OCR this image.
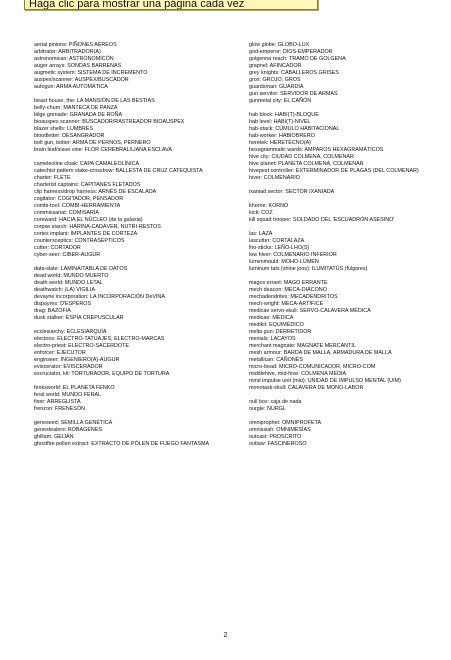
Haga clic para mostrar una página cada vez
aerial pinions: PIÑONES AÉREOS
arbitrator: ARBITRADOR(A)
astronomican: ASTRONOMICÓN
auger arrays: SONDAS BARRENAS
augmetic system: SISTEMA DE INCREMENTO
auspex/scanner: AUSPEX/BUSCADOR
autogun: ARMA AUTOMÁTICA
beast house, the: LA MANSIÓN DE LAS BESTIAS
belly-churn: MANTECA DE PANZA
bilge grenade: GRANADA DE ROÑA
bioauspex scanner: BUSCADOR/RASTREADOR BIOAUSPEX
blazer shells: LUMBRES
bloodletter: DESANGRADOR
bolt gun, bolter: ARMA DE PERNOS, PERNERO
brain leaf/slave vine: FLOR CEREBRAL/LIANA ESCLAVA
cameleoline cloak: CAPA CAMALEOLÍNICA
catechist pattern stake-crossbow: BALLESTA DE CRUZ CATEQUISTA
charter: FLETE
charterist captains: CAPITANES FLETADOS
clip harness/drop harness: ARNÉS DE ESCALADA
cogitator: COGITADOR, PENSADOR
combi-tool: COMBI-HERRAMIENTA
commissariat: COMISARÍA
coreward: HACIA EL NÚCLEO (de la galaxia)
corpse starch: HARINA-CADÁVER, NUTRI-RESTOS
cortex implant: IMPLANTES DE CORTEZA
countersceptics: CONTRASÉPTICOS
cutter: CORTADOR
cyber-seer: CIBER-AUGUR
data-slate: LÁMINA/TABLA DE DATOS
dead world: MUNDO MUERTO
death world: MUNDO LETAL
deathwatch: (LA) VIGILIA
devayne incorporation: LA INCORPORACIÓN DeVINA
dispayres: D'ESPEROS
drag: BAZOFIA
dusk stalker: ESPÍA CREPUSCULAR
ecclesiarchy: ECLESIARQUÍA
electoos: ELECTRO-TATUAJES, ELECTRO-MARCAS
electro-priest: ELECTRO-SACERDOTE
enforcer: EJECUTOR
enginseer: INGENIERO(A)-AUGUR
eviscerator: EVISCERADOR
excruciator, kit: TORTURADOR, EQUIPO DE TORTURA
fenksworld: EL PLANETA FENKO
feral world: MUNDO FERAL
fixer: ARREGLISTA
frenzon: FRENESÓN
geneseed: SEMILLA GENÉTICA
genestealers: ROBAGÉNES
ghillam: GEIJÁN
ghostfire pollen extract: EXTRACTO DE PÓLEN DE FUEGO FANTASMA
glow globe: GLOBO-LUX
god-emperor: DIOS-EMPERADOR
golgenna reach: TRAMO DE GOLGENA
grapnel: AFINCADOR
grey knights: CABALLEROS GRISES
grox: GROJO, GROS
guardsman: GUARDIA
gun servitor: SERVIDOR DE ARMAS
gunmetal city: EL CAÑÓN
hab block: HABI(T)-BLOQUE
hab level: HABI(T)-NIVEL
hab-stack: CÚMULO HABITACIONAL
hab-worker: HABIOBRERO
heretek: HERETÉCNO(A)
hexagrammatic wards: AMPAROS HEXAGRAMÁTICOS
hive city: CIUDAD COLMENA, COLMENAR
hive planet: PLANETA COLMENA, COLMENAR
hivepest controller: EXTERMINADOR DE PLAGAS (DEL COLMENAR)
hiver: COLMENARIO
ixaniad sector: SECTOR IXANIADA
khorne: KORNO
kick: COZ
kill squad trooper: SOLDADO DEL 'ESCUADRÓN ASESINO'
las: LAZA
lascutter: CORTALAZA
lho-sticks: LEÑO-LHO(S)
low hiver: COLMENARIO INFERIOR
lumenmould: MOHO-LÚMEN
luminum tats (shine joos): ILUMITATÚS (fulgores)
magos errant: MAGO ERRANTE
mech deacon: MECA-DIÁCONO
mechadendrites: MECADENDRITOS
mech-wright: MECA-ARTÍFICE
medicae servo-skull: SERVO-CALAVERA MÉDICA
medicae: MÉDICA
medikit: EQUIMÉDICO
melta gun: DERRETIDOR
menials: LACAYOS
merchant magnate: MAGNATE MERCANTIL
mesh armour: BARDA DE MALLA, ARMADURA DE MALLA
metallican: CAÑONÉS
micro-bead: MICRO-COMUNICADOR, MICRO-COM
middlehive, mid-hive: COLMENA MEDIA
mind impulse unit (miu): UNIDAD DE IMPULSO MENTAL (UIM)
monotask-skull: CALAVERA DE MONO-LABOR
null box: caja de nada
nurgle: NURGL
omniprophet: OMNIPROFETA
omnissiah: OMNIMESÍAS
outcast: PROSCRITO
outlaw: FASCINEROSO
2
